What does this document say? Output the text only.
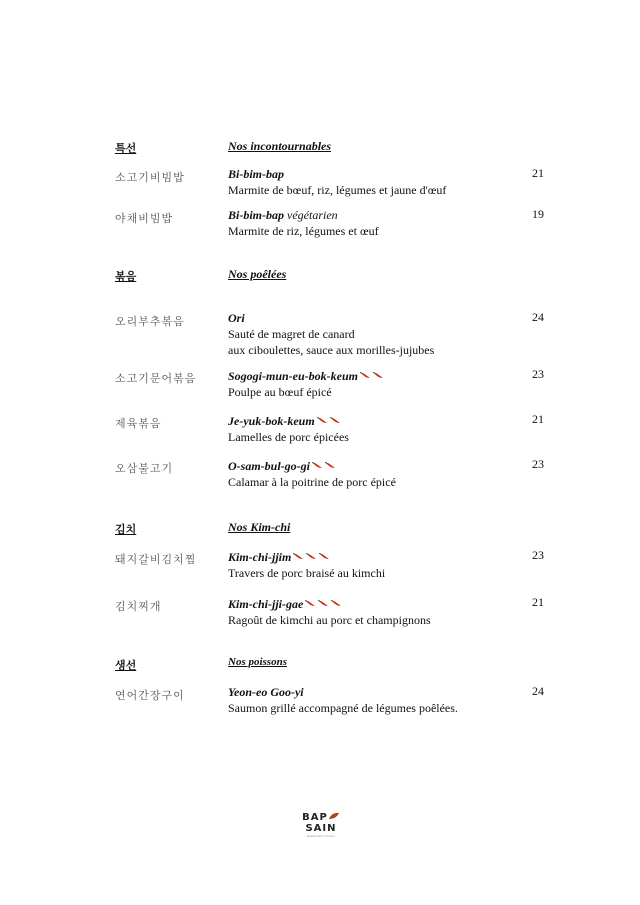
특선	Nos incontournables
소고기비빔밥	Bi-bim-bap
Marmite de bœuf, riz, légumes et jaune d'œuf
21
야채비빔밥	Bi-bim-bap végétarien
Marmite de riz, légumes et œuf
19
볶음	Nos poêlées
오리부추볶음	Ori
Sauté de magret de canard
aux ciboulettes, sauce aux morilles-jujubes
24
소고기문어볶음	Sogogi-mun-eu-bok-keum
Poulpe au bœuf épicé
23
제육볶음	Je-yuk-bok-keum
Lamelles de porc épicées
21
오삼불고기	O-sam-bul-go-gi
Calamar à la poitrine de porc épicé
23
김치	Nos Kim-chi
돼지갈비김치찜	Kim-chi-jjim
Travers de porc braisé au kimchi
23
김치찌개	Kim-chi-jji-gae
Ragoût de kimchi au porc et champignons
21
생선	Nos poissons
연어간장구이	Yeon-eo Goo-yi
Saumon grillé accompagné de légumes poêlées.
24
BAPSAIN
Restaurant Coréen
